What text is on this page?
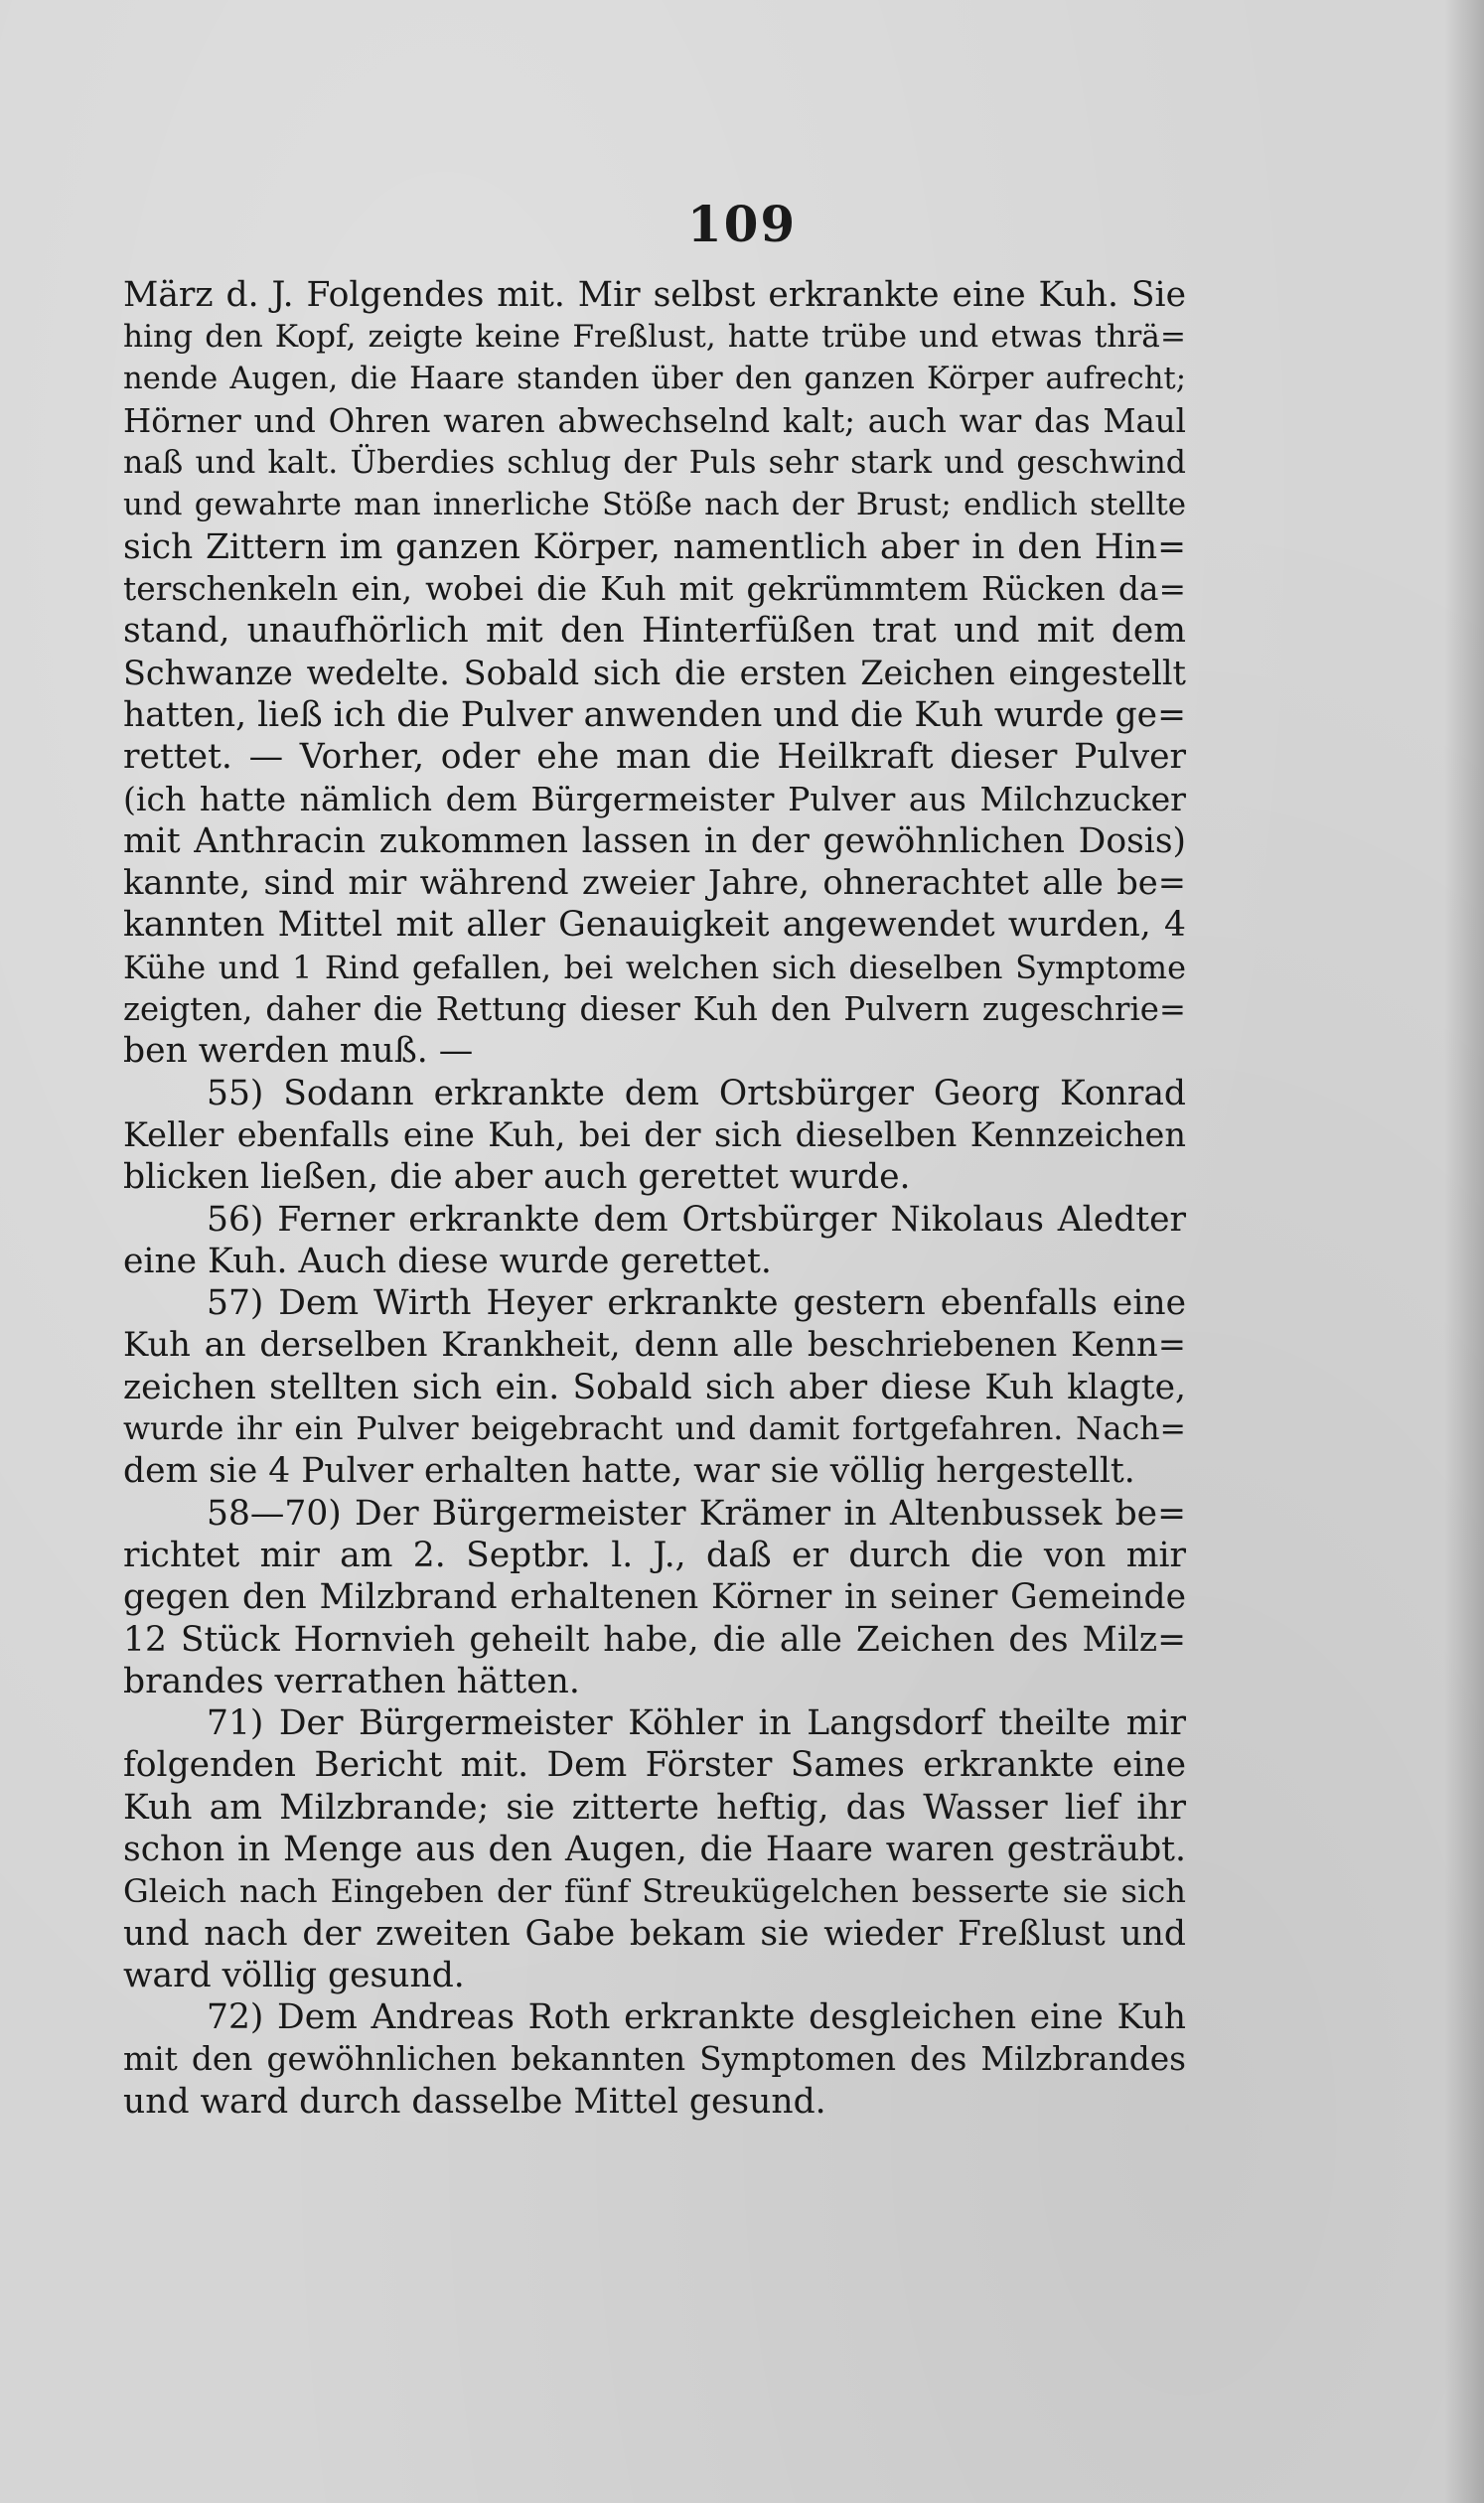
109
März d. J. Folgendes mit. Mir selbst erkrankte eine Kuh. Sie
hing den Kopf, zeigte keine Freßlust, hatte trübe und etwas thrä=
nende Augen, die Haare standen über den ganzen Körper aufrecht;
Hörner und Ohren waren abwechselnd kalt; auch war das Maul
naß und kalt. Überdies schlug der Puls sehr stark und geschwind
und gewahrte man innerliche Stöße nach der Brust; endlich stellte
sich Zittern im ganzen Körper, namentlich aber in den Hin=
terschenkeln ein, wobei die Kuh mit gekrümmtem Rücken da=
stand, unaufhörlich mit den Hinterfüßen trat und mit dem
Schwanze wedelte. Sobald sich die ersten Zeichen eingestellt
hatten, ließ ich die Pulver anwenden und die Kuh wurde ge=
rettet. — Vorher, oder ehe man die Heilkraft dieser Pulver
(ich hatte nämlich dem Bürgermeister Pulver aus Milchzucker
mit Anthracin zukommen lassen in der gewöhnlichen Dosis)
kannte, sind mir während zweier Jahre, ohnerachtet alle be=
kannten Mittel mit aller Genauigkeit angewendet wurden, 4
Kühe und 1 Rind gefallen, bei welchen sich dieselben Symptome
zeigten, daher die Rettung dieser Kuh den Pulvern zugeschrie=
ben werden muß. —
55) Sodann erkrankte dem Ortsbürger Georg Konrad
Keller ebenfalls eine Kuh, bei der sich dieselben Kennzeichen
blicken ließen, die aber auch gerettet wurde.
56) Ferner erkrankte dem Ortsbürger Nikolaus Aledter
eine Kuh. Auch diese wurde gerettet.
57) Dem Wirth Heyer erkrankte gestern ebenfalls eine
Kuh an derselben Krankheit, denn alle beschriebenen Kenn=
zeichen stellten sich ein. Sobald sich aber diese Kuh klagte,
wurde ihr ein Pulver beigebracht und damit fortgefahren. Nach=
dem sie 4 Pulver erhalten hatte, war sie völlig hergestellt.
58—70) Der Bürgermeister Krämer in Altenbussek be=
richtet mir am 2. Septbr. l. J., daß er durch die von mir
gegen den Milzbrand erhaltenen Körner in seiner Gemeinde
12 Stück Hornvieh geheilt habe, die alle Zeichen des Milz=
brandes verrathen hätten.
71) Der Bürgermeister Köhler in Langsdorf theilte mir
folgenden Bericht mit. Dem Förster Sames erkrankte eine
Kuh am Milzbrande; sie zitterte heftig, das Wasser lief ihr
schon in Menge aus den Augen, die Haare waren gesträubt.
Gleich nach Eingeben der fünf Streukügelchen besserte sie sich
und nach der zweiten Gabe bekam sie wieder Freßlust und
ward völlig gesund.
72) Dem Andreas Roth erkrankte desgleichen eine Kuh
mit den gewöhnlichen bekannten Symptomen des Milzbrandes
und ward durch dasselbe Mittel gesund.
